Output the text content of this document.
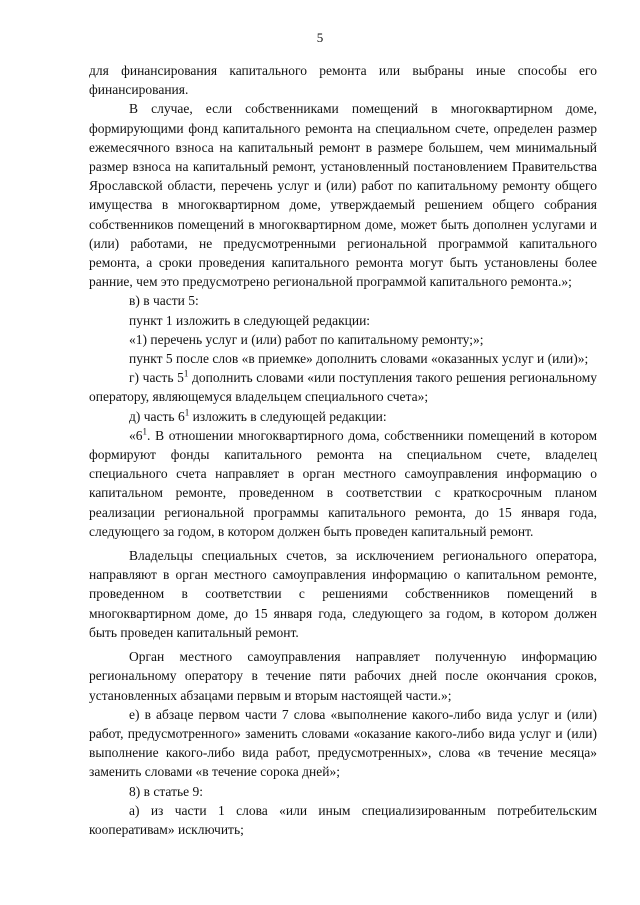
5

для финансирования капитального ремонта или выбраны иные способы его финансирования.

В случае, если собственниками помещений в многоквартирном доме, формирующими фонд капитального ремонта на специальном счете, определен размер ежемесячного взноса на капитальный ремонт в размере большем, чем минимальный размер взноса на капитальный ремонт, установленный постановлением Правительства Ярославской области, перечень услуг и (или) работ по капитальному ремонту общего имущества в многоквартирном доме, утверждаемый решением общего собрания собственников помещений в многоквартирном доме, может быть дополнен услугами и (или) работами, не предусмотренными региональной программой капитального ремонта, а сроки проведения капитального ремонта могут быть установлены более ранние, чем это предусмотрено региональной программой капитального ремонта.»;

в) в части 5:

пункт 1 изложить в следующей редакции:

«1) перечень услуг и (или) работ по капитальному ремонту;»;

пункт 5 после слов «в приемке» дополнить словами «оказанных услуг и (или)»;

г) часть $5^1$ дополнить словами «или поступления такого решения региональному оператору, являющемуся владельцем специального счета»;

д) часть $6^1$ изложить в следующей редакции:

«$6^1$. В отношении многоквартирного дома, собственники помещений в котором формируют фонды капитального ремонта на специальном счете, владелец специального счета направляет в орган местного самоуправления информацию о капитальном ремонте, проведенном в соответствии с краткосрочным планом реализации региональной программы капитального ремонта, до 15 января года, следующего за годом, в котором должен быть проведен капитальный ремонт.

Владельцы специальных счетов, за исключением регионального оператора, направляют в орган местного самоуправления информацию о капитальном ремонте, проведенном в соответствии с решениями собственников помещений в многоквартирном доме, до 15 января года, следующего за годом, в котором должен быть проведен капитальный ремонт.

Орган местного самоуправления направляет полученную информацию региональному оператору в течение пяти рабочих дней после окончания сроков, установленных абзацами первым и вторым настоящей части.»;

е) в абзаце первом части 7 слова «выполнение какого-либо вида услуг и (или) работ, предусмотренного» заменить словами «оказание какого-либо вида услуг и (или) выполнение какого-либо вида работ, предусмотренных», слова «в течение месяца» заменить словами «в течение сорока дней»;

8) в статье 9:

а) из части 1 слова «или иным специализированным потребительским кооперативам» исключить;
